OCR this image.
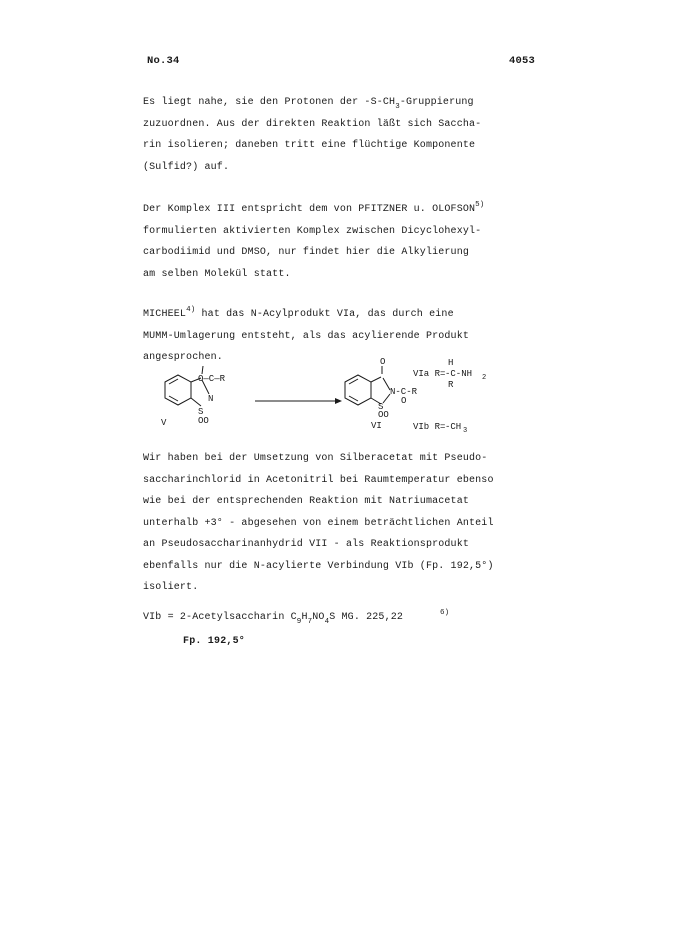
No.34	4053
Es liegt nahe, sie den Protonen der $-S-CH_3$-Gruppierung
zuzuordnen. Aus der direkten Reaktion läßt sich Saccha-
rin isolieren; daneben tritt eine flüchtige Komponente
(Sulfid?) auf.
Der Komplex III entspricht dem von PFITZNER u. OLOFSON$^{5)}$
formulierten aktivierten Komplex zwischen Dicyclohexyl-
carbodiimid und DMSO, nur findet hier die Alkylierung
am selben Molekül statt.
MICHEEL$^{4)}$ hat das N-Acylprodukt VIa, das durch eine
MUMM-Umlagerung entsteht, als das acylierende Produkt
angesprochen.
O—C—R
N
S
OO
V
O
N-C-R
O
S
OO
VI
H
VIa R= -C-NH 2
R
VIb R= -CH 3
Wir haben bei der Umsetzung von Silberacetat mit Pseudo-
saccharinchlorid in Acetonitril bei Raumtemperatur ebenso
wie bei der entsprechenden Reaktion mit Natriumacetat
unterhalb +3° - abgesehen von einem beträchtlichen Anteil
an Pseudosaccharinanhydrid VII - als Reaktionsprodukt
ebenfalls nur die N-acylierte Verbindung VIb (Fp. 192,5°)
isoliert.
VIb = 2-Acetylsaccharin $C_9H_7NO_4S$ MG. 225,22	$^{6)}$
Fp. 192,5°
